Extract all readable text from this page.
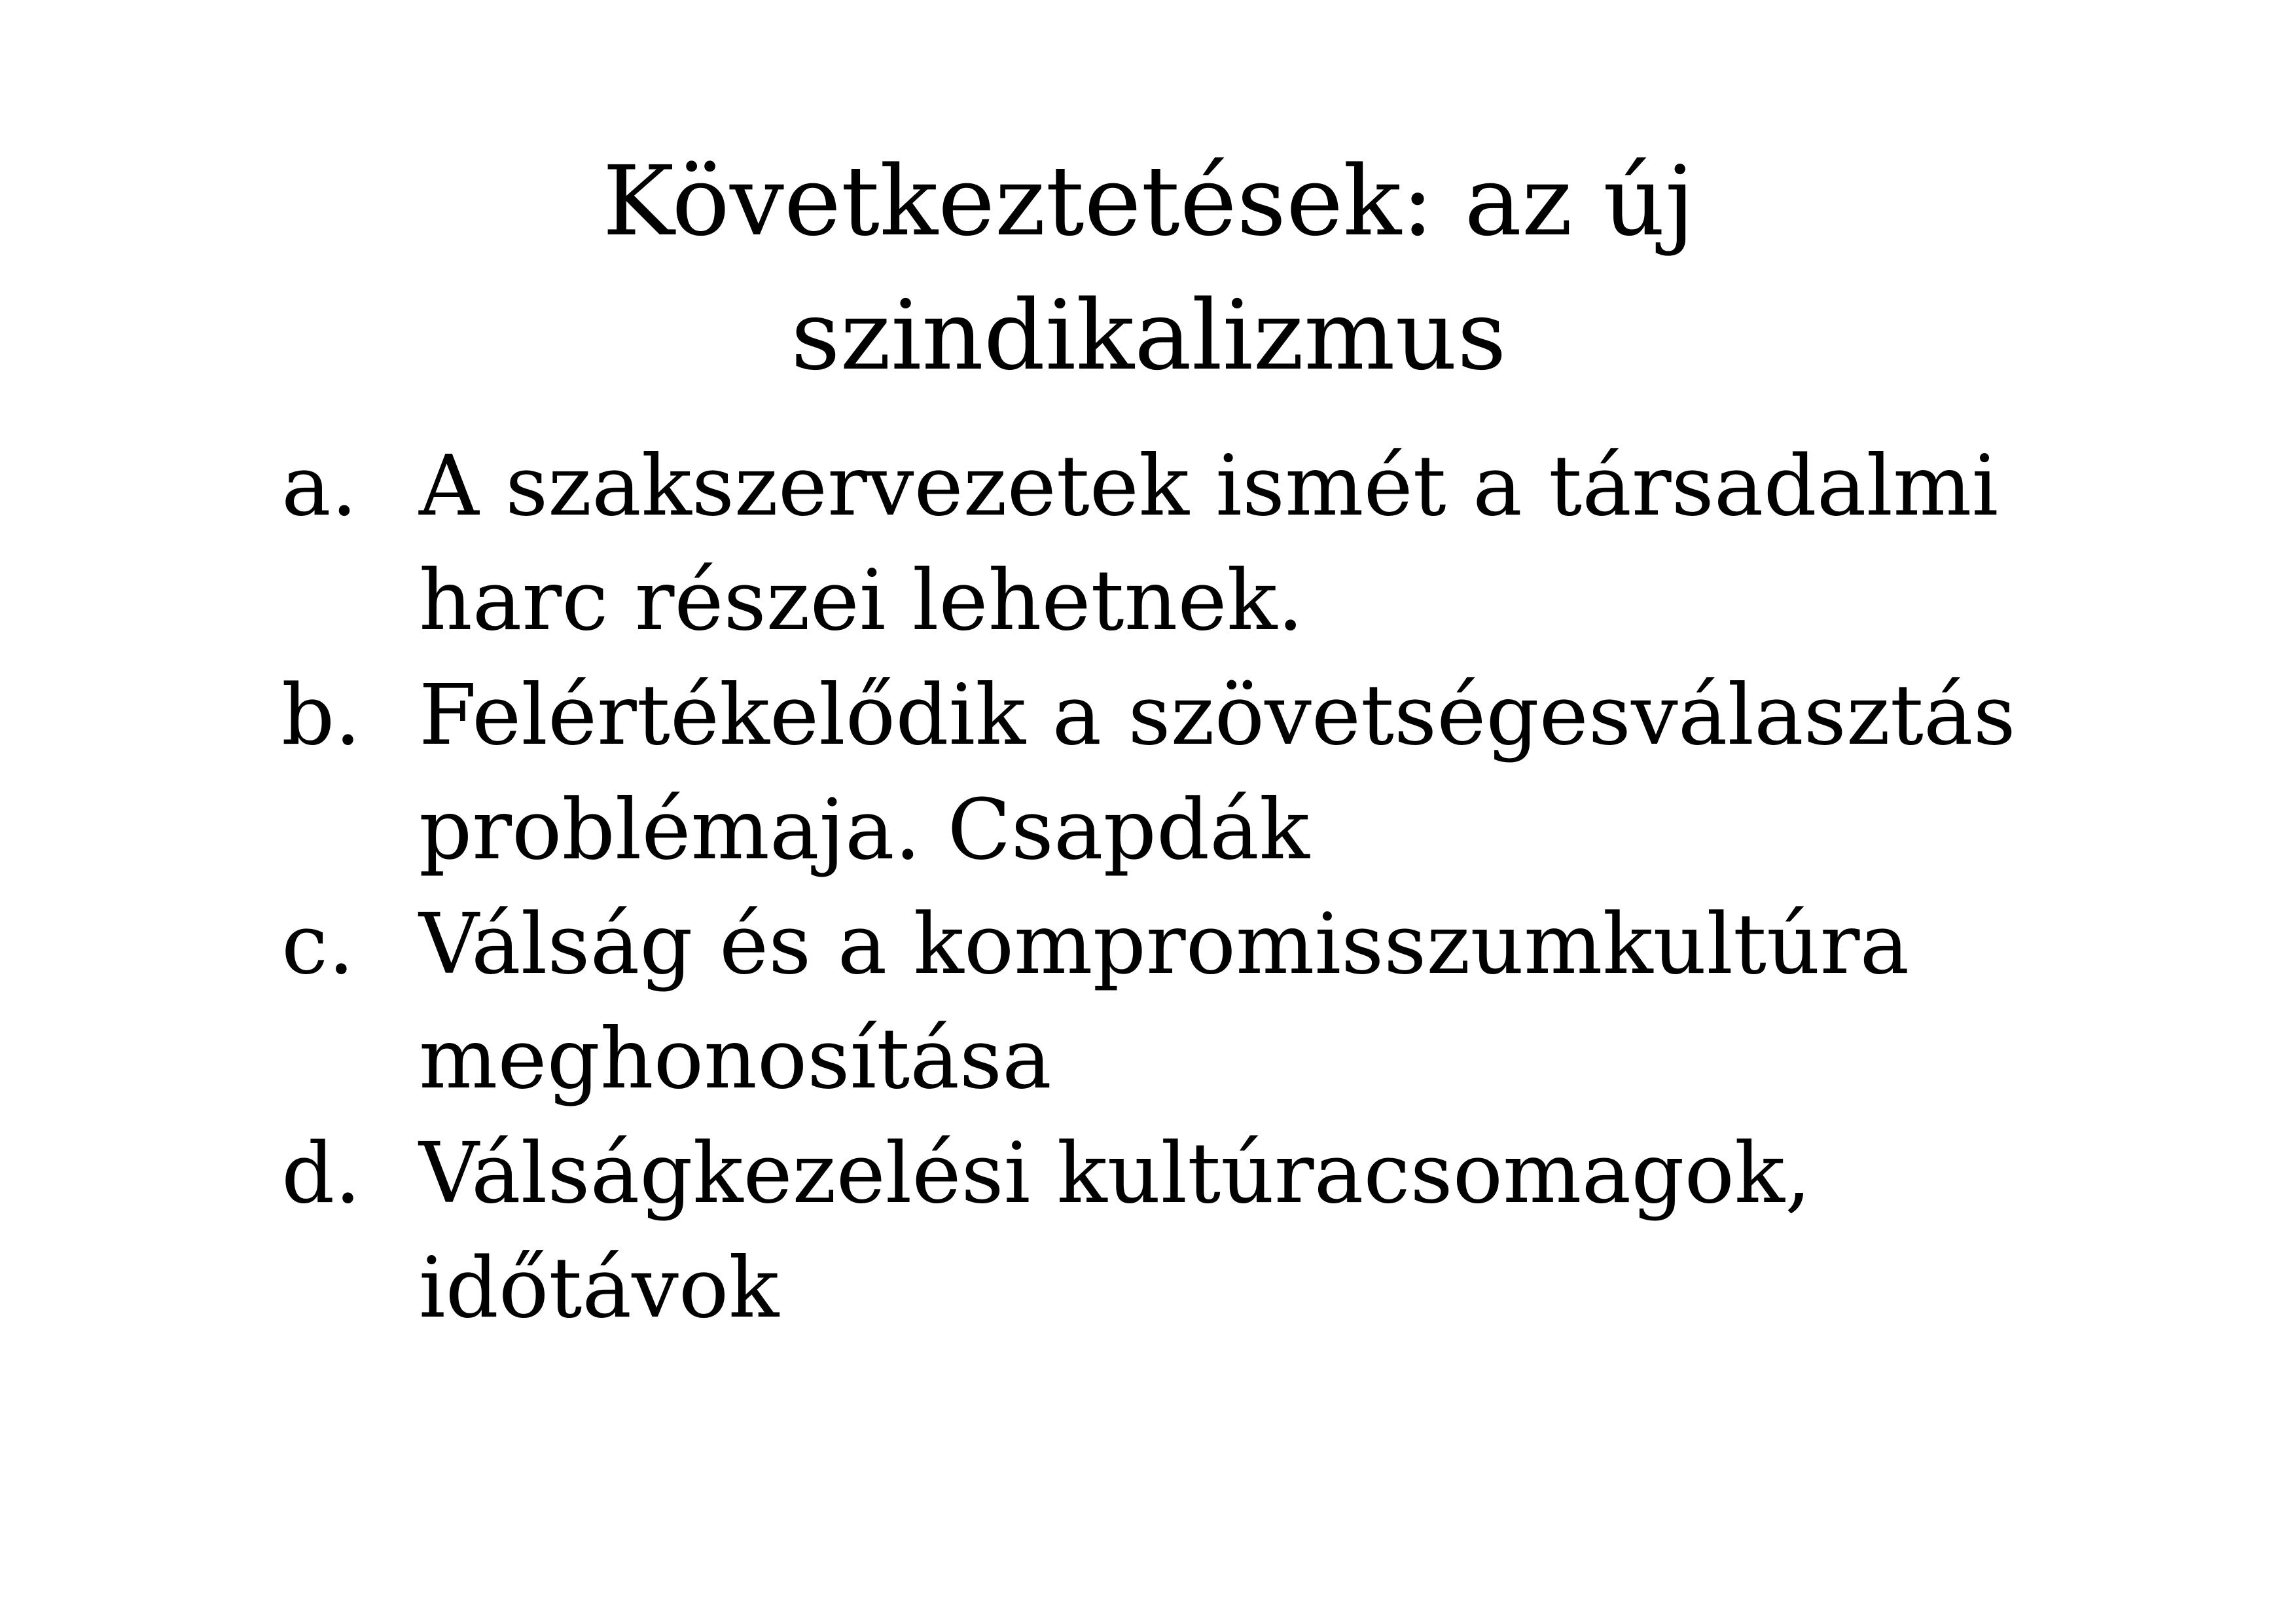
Következtetések: az új
szindikalizmus
a. A szakszervezetek ismét a társadalmi
harc részei lehetnek.
b. Felértékelődik a szövetségesválasztás
problémaja. Csapdák
c. Válság és a kompromisszumkultúra
meghonosítása
d. Válságkezelési kultúracsomagok,
időtávok
